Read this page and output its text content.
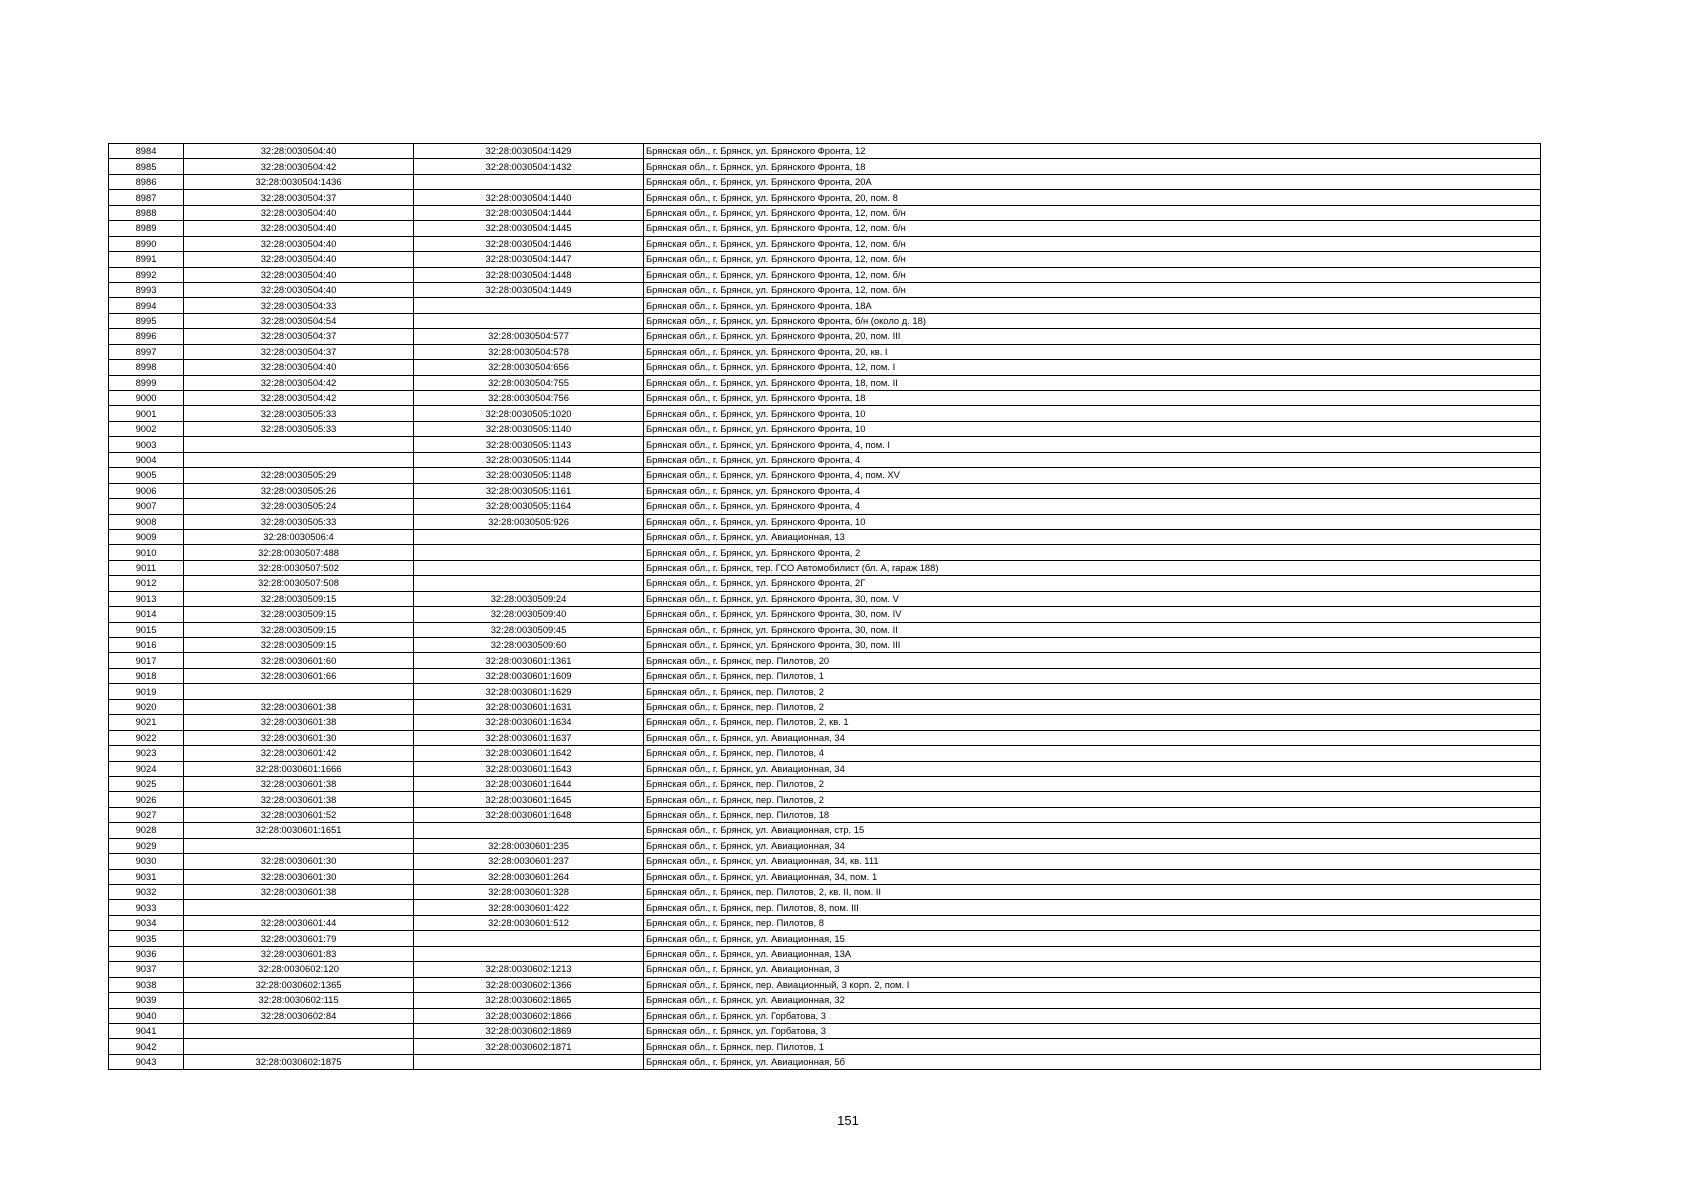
8984	32:28:0030504:40	32:28:0030504:1429	Брянская обл., г. Брянск, ул. Брянского Фронта, 12
8985	32:28:0030504:42	32:28:0030504:1432	Брянская обл., г. Брянск, ул. Брянского Фронта, 18
8986	32:28:0030504:1436		Брянская обл., г. Брянск, ул. Брянского Фронта, 20А
8987	32:28:0030504:37	32:28:0030504:1440	Брянская обл., г. Брянск, ул. Брянского Фронта, 20, пом. 8
8988	32:28:0030504:40	32:28:0030504:1444	Брянская обл., г. Брянск, ул. Брянского Фронта, 12, пом. б/н
8989	32:28:0030504:40	32:28:0030504:1445	Брянская обл., г. Брянск, ул. Брянского Фронта, 12, пом. б/н
8990	32:28:0030504:40	32:28:0030504:1446	Брянская обл., г. Брянск, ул. Брянского Фронта, 12, пом. б/н
8991	32:28:0030504:40	32:28:0030504:1447	Брянская обл., г. Брянск, ул. Брянского Фронта, 12, пом. б/н
8992	32:28:0030504:40	32:28:0030504:1448	Брянская обл., г. Брянск, ул. Брянского Фронта, 12, пом. б/н
8993	32:28:0030504:40	32:28:0030504:1449	Брянская обл., г. Брянск, ул. Брянского Фронта, 12, пом. б/н
8994	32:28:0030504:33		Брянская обл., г. Брянск, ул. Брянского Фронта, 18А
8995	32:28:0030504:54		Брянская обл., г. Брянск, ул. Брянского Фронта, б/н (около д. 18)
8996	32:28:0030504:37	32:28:0030504:577	Брянская обл., г. Брянск, ул. Брянского Фронта, 20, пом. III
8997	32:28:0030504:37	32:28:0030504:578	Брянская обл., г. Брянск, ул. Брянского Фронта, 20, кв. I
8998	32:28:0030504:40	32:28:0030504:656	Брянская обл., г. Брянск, ул. Брянского Фронта, 12, пом. I
8999	32:28:0030504:42	32:28:0030504:755	Брянская обл., г. Брянск, ул. Брянского Фронта, 18, пом. II
9000	32:28:0030504:42	32:28:0030504:756	Брянская обл., г. Брянск, ул. Брянского Фронта, 18
9001	32:28:0030505:33	32:28:0030505:1020	Брянская обл., г. Брянск, ул. Брянского Фронта, 10
9002	32:28:0030505:33	32:28:0030505:1140	Брянская обл., г. Брянск, ул. Брянского Фронта, 10
9003		32:28:0030505:1143	Брянская обл., г. Брянск, ул. Брянского Фронта, 4, пом. I
9004		32:28:0030505:1144	Брянская обл., г. Брянск, ул. Брянского Фронта, 4
9005	32:28:0030505:29	32:28:0030505:1148	Брянская обл., г. Брянск, ул. Брянского Фронта, 4, пом. XV
9006	32:28:0030505:26	32:28:0030505:1161	Брянская обл., г. Брянск, ул. Брянского Фронта, 4
9007	32:28:0030505:24	32:28:0030505:1164	Брянская обл., г. Брянск, ул. Брянского Фронта, 4
9008	32:28:0030505:33	32:28:0030505:926	Брянская обл., г. Брянск, ул. Брянского Фронта, 10
9009	32:28:0030506:4		Брянская обл., г. Брянск, ул. Авиационная, 13
9010	32:28:0030507:488		Брянская обл., г. Брянск, ул. Брянского Фронта, 2
9011	32:28:0030507:502		Брянская обл., г. Брянск, тер. ГСО Автомобилист (бл. А, гараж 188)
9012	32:28:0030507:508		Брянская обл., г. Брянск, ул. Брянского Фронта, 2Г
9013	32:28:0030509:15	32:28:0030509:24	Брянская обл., г. Брянск, ул. Брянского Фронта, 30, пом. V
9014	32:28:0030509:15	32:28:0030509:40	Брянская обл., г. Брянск, ул. Брянского Фронта, 30, пом. IV
9015	32:28:0030509:15	32:28:0030509:45	Брянская обл., г. Брянск, ул. Брянского Фронта, 30, пом. II
9016	32:28:0030509:15	32:28:0030509:60	Брянская обл., г. Брянск, ул. Брянского Фронта, 30, пом. III
9017	32:28:0030601:60	32:28:0030601:1361	Брянская обл., г. Брянск, пер. Пилотов, 20
9018	32:28:0030601:66	32:28:0030601:1609	Брянская обл., г. Брянск, пер. Пилотов, 1
9019		32:28:0030601:1629	Брянская обл., г. Брянск, пер. Пилотов, 2
9020	32:28:0030601:38	32:28:0030601:1631	Брянская обл., г. Брянск, пер. Пилотов, 2
9021	32:28:0030601:38	32:28:0030601:1634	Брянская обл., г. Брянск, пер. Пилотов, 2, кв. 1
9022	32:28:0030601:30	32:28:0030601:1637	Брянская обл., г. Брянск, ул. Авиационная, 34
9023	32:28:0030601:42	32:28:0030601:1642	Брянская обл., г. Брянск, пер. Пилотов, 4
9024	32:28:0030601:1666	32:28:0030601:1643	Брянская обл., г. Брянск, ул. Авиационная, 34
9025	32:28:0030601:38	32:28:0030601:1644	Брянская обл., г. Брянск, пер. Пилотов, 2
9026	32:28:0030601:38	32:28:0030601:1645	Брянская обл., г. Брянск, пер. Пилотов, 2
9027	32:28:0030601:52	32:28:0030601:1648	Брянская обл., г. Брянск, пер. Пилотов, 18
9028	32:28:0030601:1651		Брянская обл., г. Брянск, ул. Авиационная, стр. 15
9029		32:28:0030601:235	Брянская обл., г. Брянск, ул. Авиационная, 34
9030	32:28:0030601:30	32:28:0030601:237	Брянская обл., г. Брянск, ул. Авиационная, 34, кв. 111
9031	32:28:0030601:30	32:28:0030601:264	Брянская обл., г. Брянск, ул. Авиационная, 34, пом. 1
9032	32:28:0030601:38	32:28:0030601:328	Брянская обл., г. Брянск, пер. Пилотов, 2, кв. II, пом. II
9033		32:28:0030601:422	Брянская обл., г. Брянск, пер. Пилотов, 8, пом. III
9034	32:28:0030601:44	32:28:0030601:512	Брянская обл., г. Брянск, пер. Пилотов, 8
9035	32:28:0030601:79		Брянская обл., г. Брянск, ул. Авиационная, 15
9036	32:28:0030601:83		Брянская обл., г. Брянск, ул. Авиационная, 13А
9037	32:28:0030602:120	32:28:0030602:1213	Брянская обл., г. Брянск, ул. Авиационная, 3
9038	32:28:0030602:1365	32:28:0030602:1366	Брянская обл., г. Брянск, пер. Авиационный, 3 корп. 2, пом. I
9039	32:28:0030602:115	32:28:0030602:1865	Брянская обл., г. Брянск, ул. Авиационная, 32
9040	32:28:0030602:84	32:28:0030602:1866	Брянская обл., г. Брянск, ул. Горбатова, 3
9041		32:28:0030602:1869	Брянская обл., г. Брянск, ул. Горбатова, 3
9042		32:28:0030602:1871	Брянская обл., г. Брянск, пер. Пилотов, 1
9043	32:28:0030602:1875		Брянская обл., г. Брянск, ул. Авиационная, 5б
151
